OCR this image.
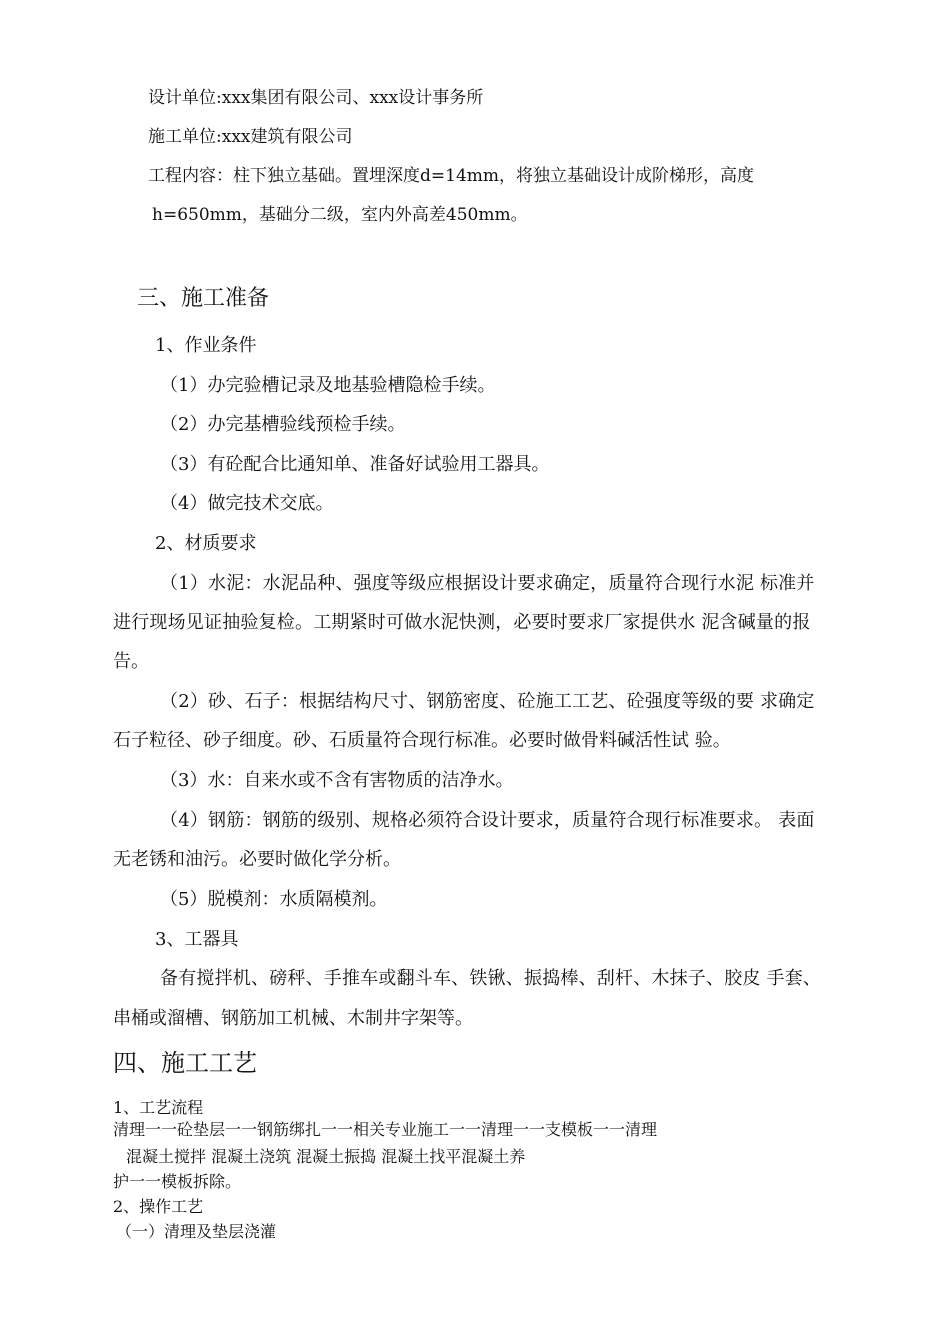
设计单位:xxx集团有限公司、xxx设计事务所
施工单位:xxx建筑有限公司
工程内容：柱下独立基础。置埋深度d=14mm，将独立基础设计成阶梯形，高度
h=650mm，基础分二级，室内外高差450mm。
三、施工准备
1、作业条件
（1）办完验槽记录及地基验槽隐检手续。
（2）办完基槽验线预检手续。
（3）有砼配合比通知单、准备好试验用工器具。
（4）做完技术交底。
2、材质要求
（1）水泥：水泥品种、强度等级应根据设计要求确定，质量符合现行水泥 标准并
进行现场见证抽验复检。工期紧时可做水泥快测，必要时要求厂家提供水 泥含碱量的报
告。
（2）砂、石子：根据结构尺寸、钢筋密度、砼施工工艺、砼强度等级的要 求确定
石子粒径、砂子细度。砂、石质量符合现行标准。必要时做骨料碱活性试 验。
（3）水：自来水或不含有害物质的洁净水。
（4）钢筋：钢筋的级别、规格必须符合设计要求，质量符合现行标准要求。 表面
无老锈和油污。必要时做化学分析。
（5）脱模剂：水质隔模剂。
3、工器具
备有搅拌机、磅秤、手推车或翻斗车、铁锹、振捣棒、刮杆、木抹子、胶皮 手套、
串桶或溜槽、钢筋加工机械、木制井字架等。
四、施工工艺
1、工艺流程
清理一一砼垫层一一钢筋绑扎一一相关专业施工一一清理一一支模板一一清理
混凝土搅拌 混凝土浇筑 混凝土振捣 混凝土找平混凝土养
护一一模板拆除。
2、操作工艺
（一）清理及垫层浇灌
